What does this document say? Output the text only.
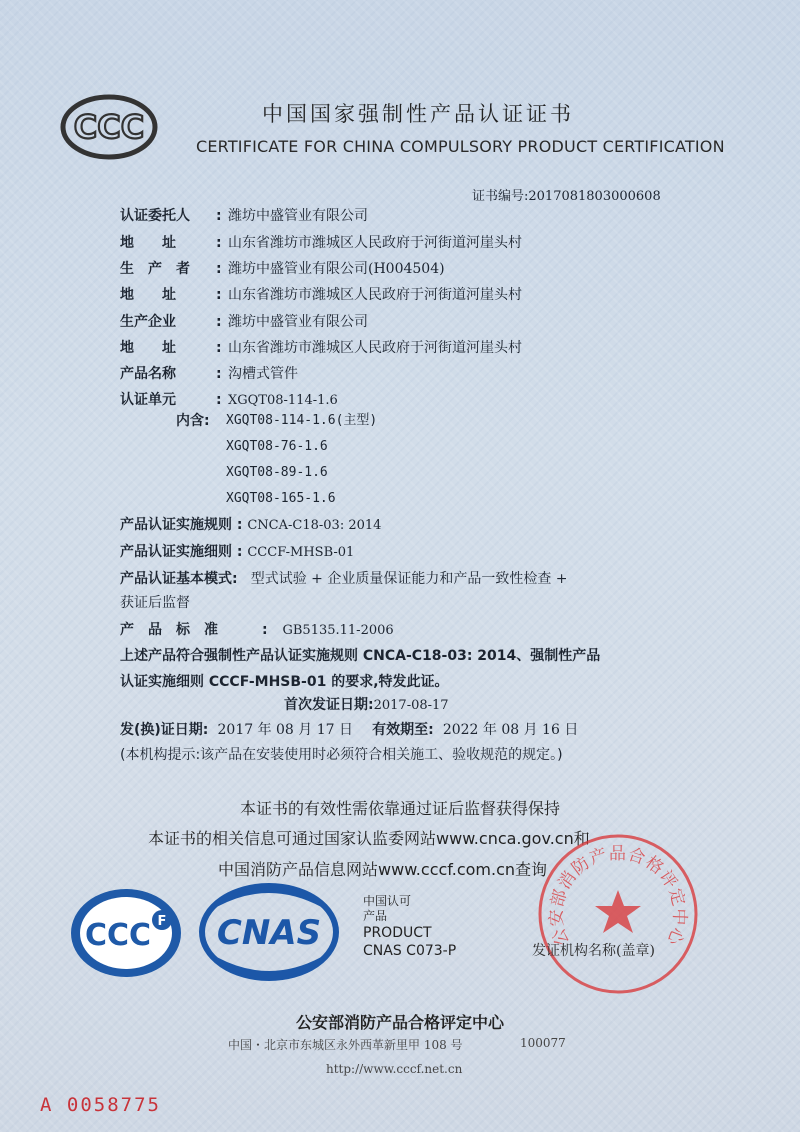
CCC	中国国家强制性产品认证证书
CERTIFICATE FOR CHINA COMPULSORY PRODUCT CERTIFICATION
证书编号:2017081803000608
认证委托人 : 潍坊中盛管业有限公司
地　　址	: 山东省潍坊市潍城区人民政府于河街道河崖头村
生　产　者 : 潍坊中盛管业有限公司(H004504)
地　　址	: 山东省潍坊市潍城区人民政府于河街道河崖头村
生产企业	: 潍坊中盛管业有限公司
地　　址	: 山东省潍坊市潍城区人民政府于河街道河崖头村
产品名称	: 沟槽式管件
认证单元	: XGQT08-114-1.6
内含: XGQT08-114-1.6(主型)
XGQT08-76-1.6
XGQT08-89-1.6
XGQT08-165-1.6
产品认证实施规则 : CNCA-C18-03: 2014
产品认证实施细则 : CCCF-MHSB-01
产品认证基本模式: 型式试验 + 企业质量保证能力和产品一致性检查 +
获证后监督
产　品　标　准	: GB5135.11-2006
上述产品符合强制性产品认证实施规则 CNCA-C18-03: 2014、强制性产品
认证实施细则 CCCF-MHSB-01 的要求,特发此证。
首次发证日期:2017-08-17
发(换)证日期: 2017 年 08 月 17 日 有效期至: 2022 年 08 月 16 日
(本机构提示:该产品在安装使用时必须符合相关施工、验收规范的规定。)
本证书的有效性需依靠通过证后监督获得保持
本证书的相关信息可通过国家认监委网站www.cnca.gov.cn和
中国消防产品信息网站www.cccf.com.cn查询
CCC F CNAS
中国认可
产品
PRODUCT
CNAS C073-P
公安部消防产品合格评定中心
发证机构名称(盖章)
公安部消防产品合格评定中心
中国・北京市东城区永外西革新里甲 108 号	100077
http://www.cccf.net.cn
A 0058775
